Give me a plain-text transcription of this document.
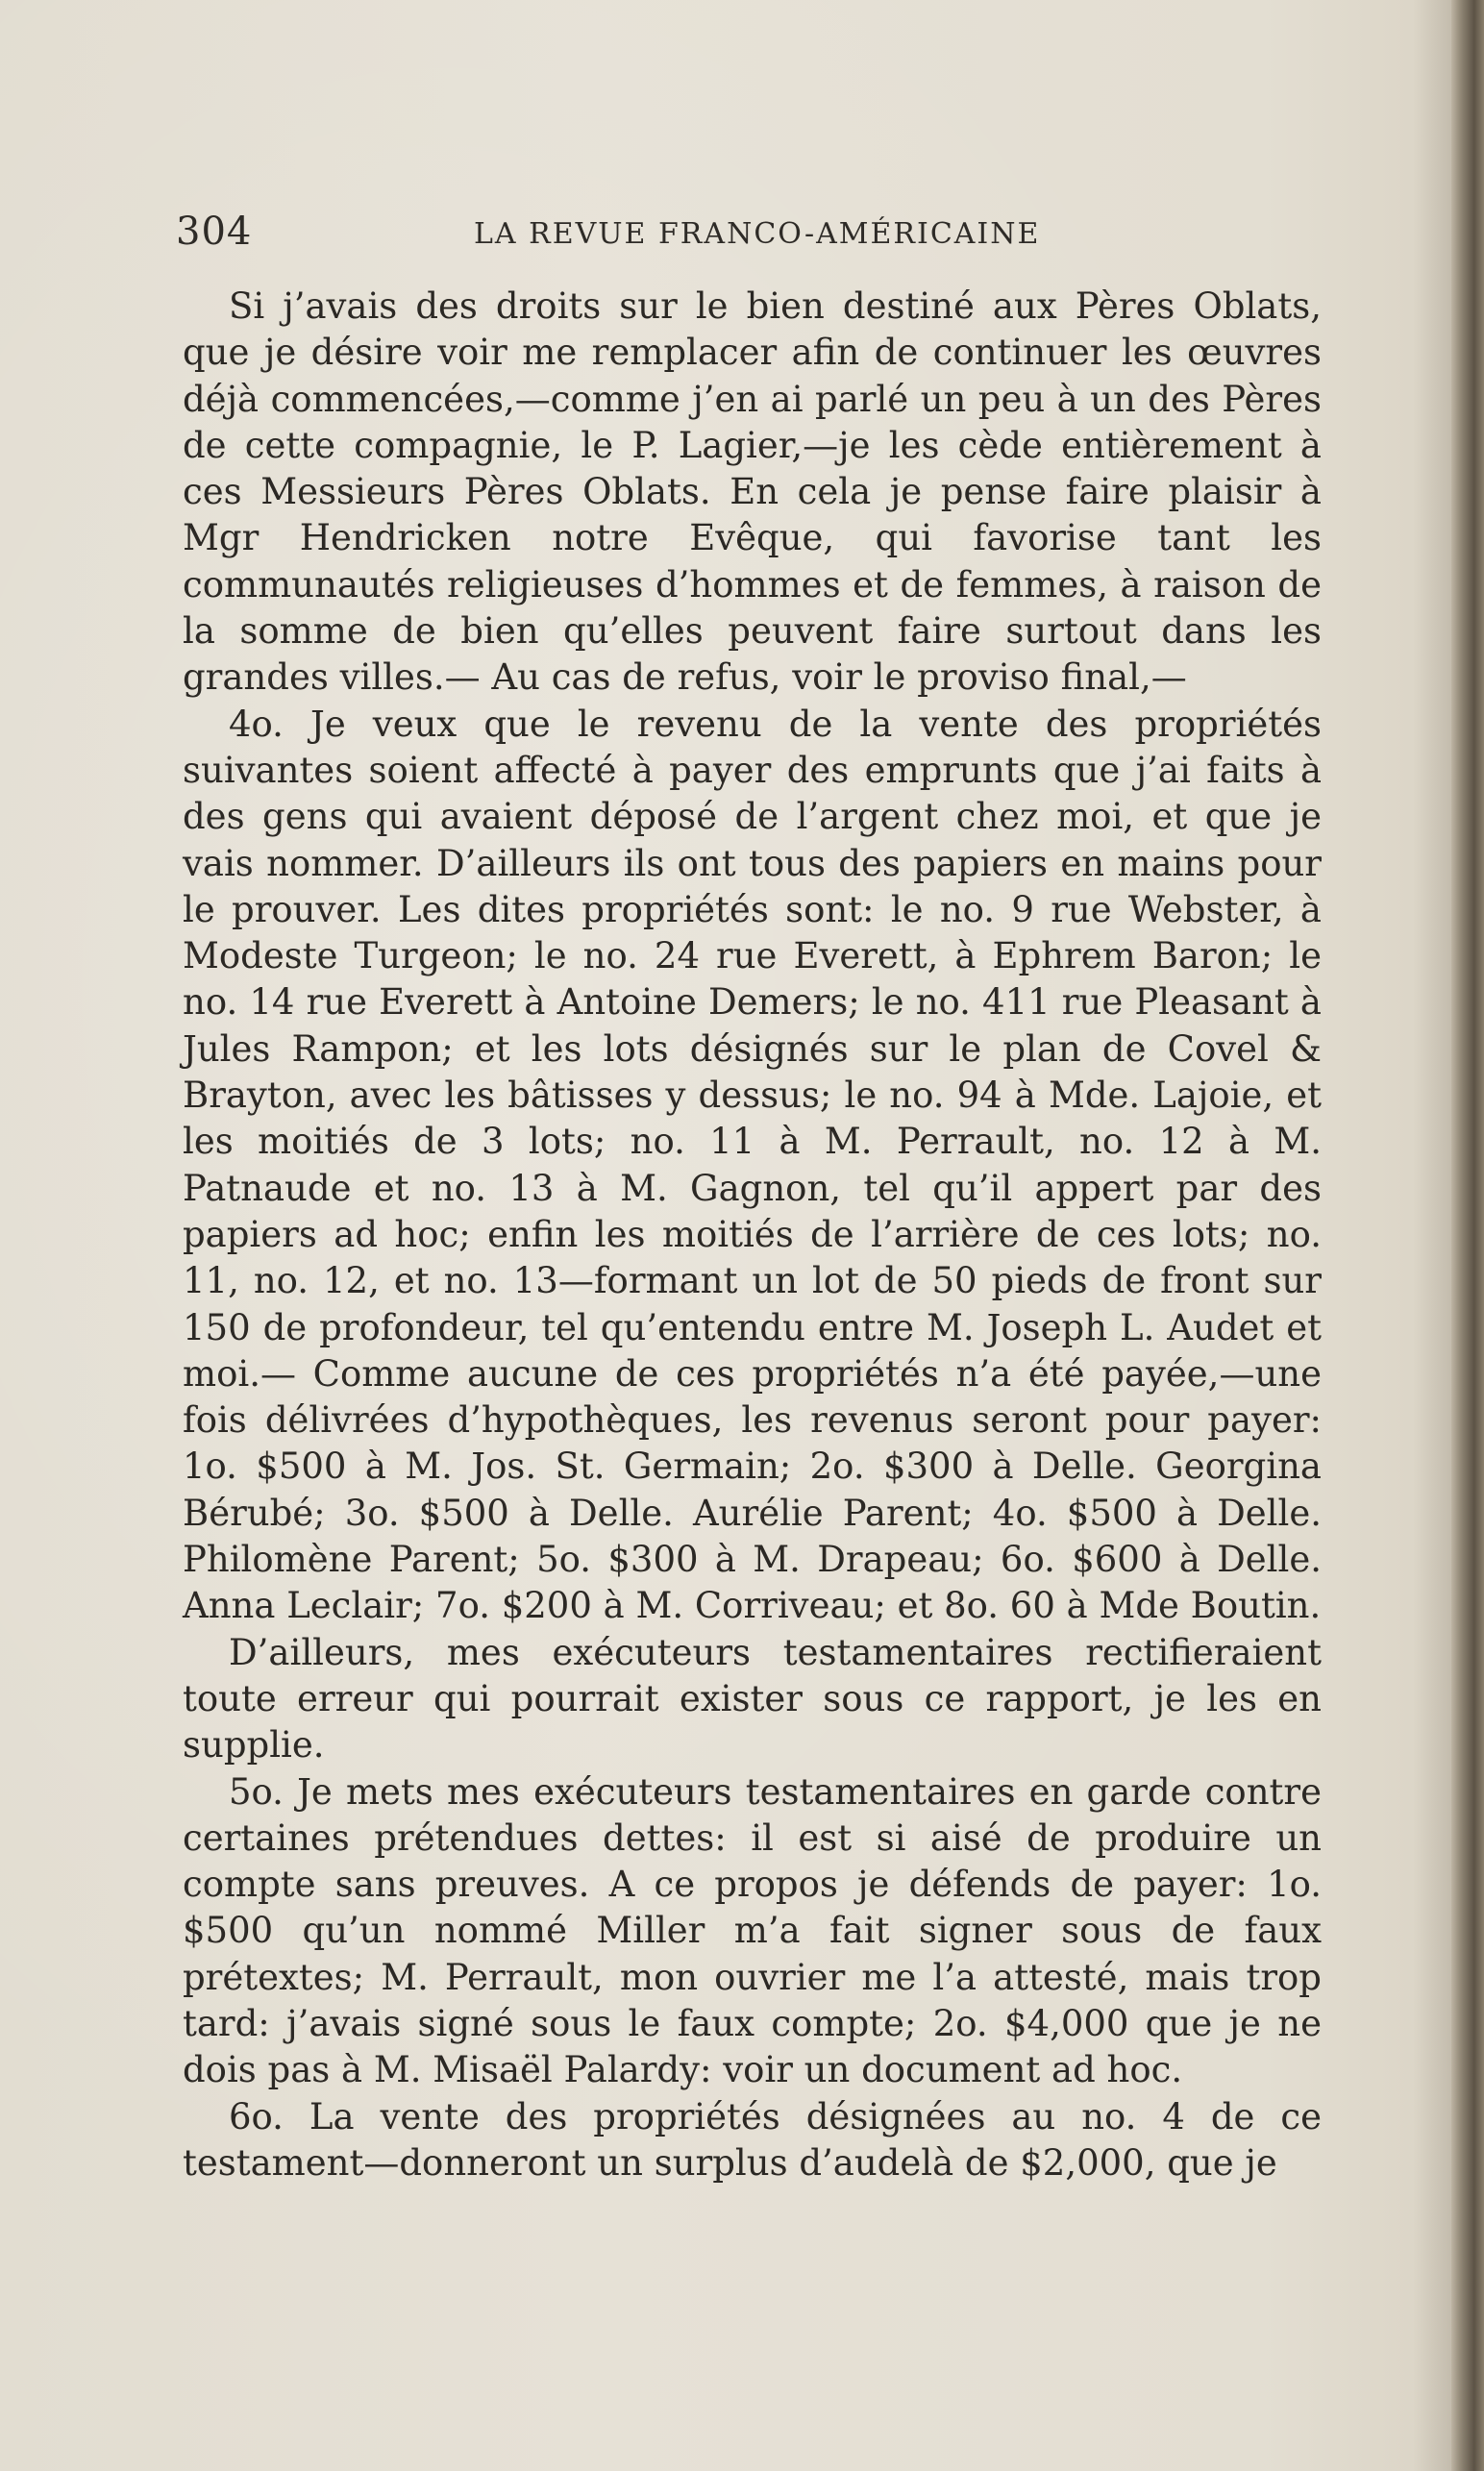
304	LA REVUE FRANCO-AMÉRICAINE

Si j’avais des droits sur le bien destiné aux Pères Oblats, que je désire voir me remplacer afin de continuer les œuvres déjà commencées,—comme j’en ai parlé un peu à un des Pères de cette compagnie, le P. Lagier,—je les cède entièrement à ces Messieurs Pères Oblats. En cela je pense faire plaisir à Mgr Hendricken notre Evêque, qui favorise tant les communautés religieuses d’hommes et de femmes, à raison de la somme de bien qu’elles peuvent faire surtout dans les grandes villes.— Au cas de refus, voir le proviso final,—

4o. Je veux que le revenu de la vente des propriétés suivantes soient affecté à payer des emprunts que j’ai faits à des gens qui avaient déposé de l’argent chez moi, et que je vais nommer. D’ailleurs ils ont tous des papiers en mains pour le prouver. Les dites propriétés sont: le no. 9 rue Webster, à Modeste Turgeon; le no. 24 rue Everett, à Ephrem Baron; le no. 14 rue Everett à Antoine Demers; le no. 411 rue Pleasant à Jules Rampon; et les lots désignés sur le plan de Covel & Brayton, avec les bâtisses y dessus; le no. 94 à Mde. Lajoie, et les moitiés de 3 lots; no. 11 à M. Perrault, no. 12 à M. Patnaude et no. 13 à M. Gagnon, tel qu’il appert par des papiers ad hoc; enfin les moitiés de l’arrière de ces lots; no. 11, no. 12, et no. 13—formant un lot de 50 pieds de front sur 150 de profondeur, tel qu’entendu entre M. Joseph L. Audet et moi.— Comme aucune de ces propriétés n’a été payée,—une fois délivrées d’hypothèques, les revenus seront pour payer: 1o. $500 à M. Jos. St. Germain; 2o. $300 à Delle. Georgina Bérubé; 3o. $500 à Delle. Aurélie Parent; 4o. $500 à Delle. Philomène Parent; 5o. $300 à M. Drapeau; 6o. $600 à Delle. Anna Leclair; 7o. $200 à M. Corriveau; et 8o. 60 à Mde Boutin.

D’ailleurs, mes exécuteurs testamentaires rectifieraient toute erreur qui pourrait exister sous ce rapport, je les en supplie.

5o. Je mets mes exécuteurs testamentaires en garde contre certaines prétendues dettes: il est si aisé de produire un compte sans preuves. A ce propos je défends de payer: 1o. $500 qu’un nommé Miller m’a fait signer sous de faux prétextes; M. Perrault, mon ouvrier me l’a attesté, mais trop tard: j’avais signé sous le faux compte; 2o. $4,000 que je ne dois pas à M. Misaël Palardy: voir un document ad hoc.

6o. La vente des propriétés désignées au no. 4 de ce testament—donneront un surplus d’audelà de $2,000, que je
